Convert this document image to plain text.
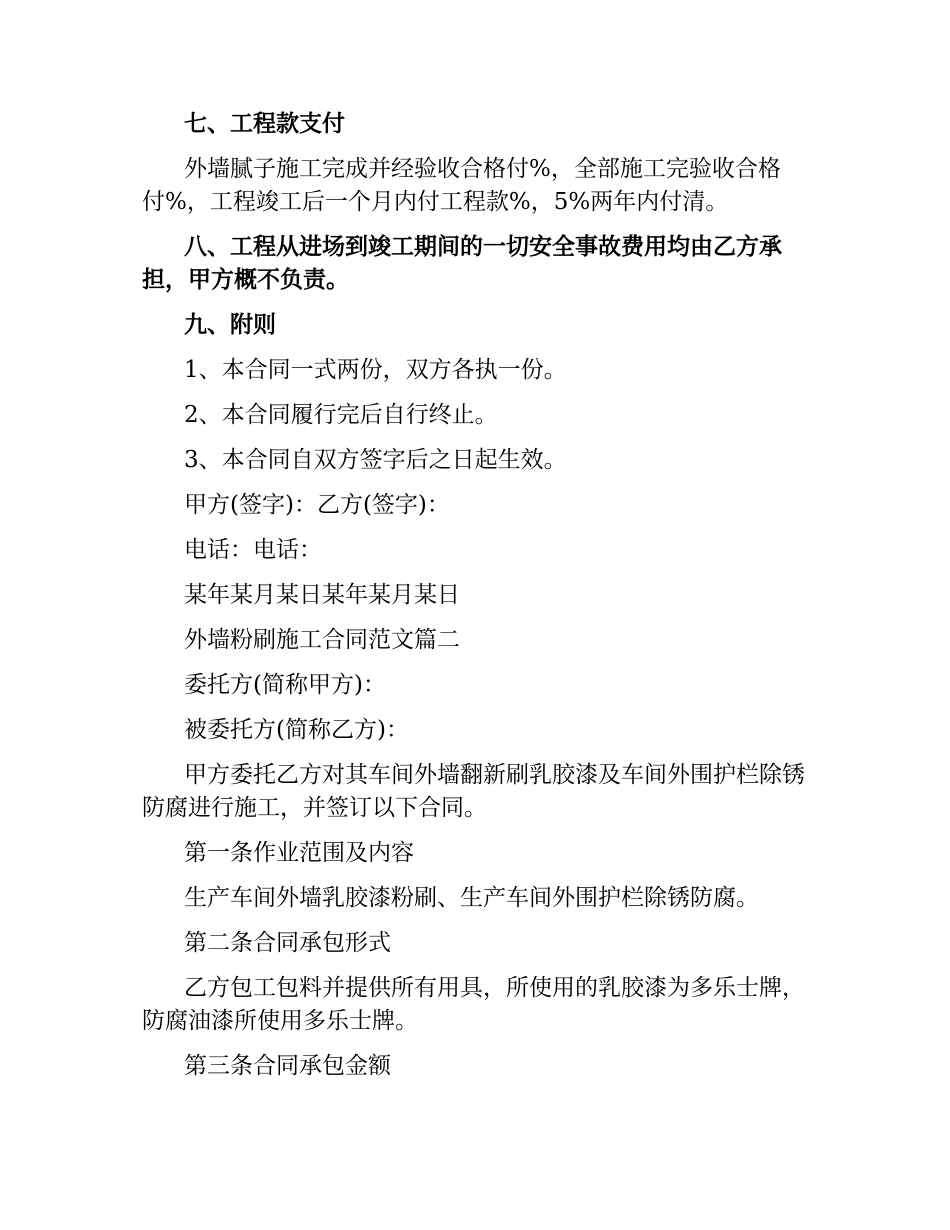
七、工程款支付

外墙腻子施工完成并经验收合格付%，全部施工完验收合格付%，工程竣工后一个月内付工程款%，5%两年内付清。

八、工程从进场到竣工期间的一切安全事故费用均由乙方承担，甲方概不负责。

九、附则

1、本合同一式两份，双方各执一份。

2、本合同履行完后自行终止。

3、本合同自双方签字后之日起生效。

甲方(签字)：乙方(签字)：

电话：电话：

某年某月某日某年某月某日

外墙粉刷施工合同范文篇二

委托方(简称甲方)：

被委托方(简称乙方)：

甲方委托乙方对其车间外墙翻新刷乳胶漆及车间外围护栏除锈防腐进行施工，并签订以下合同。

第一条作业范围及内容

生产车间外墙乳胶漆粉刷、生产车间外围护栏除锈防腐。

第二条合同承包形式

乙方包工包料并提供所有用具，所使用的乳胶漆为多乐士牌，防腐油漆所使用多乐士牌。

第三条合同承包金额
